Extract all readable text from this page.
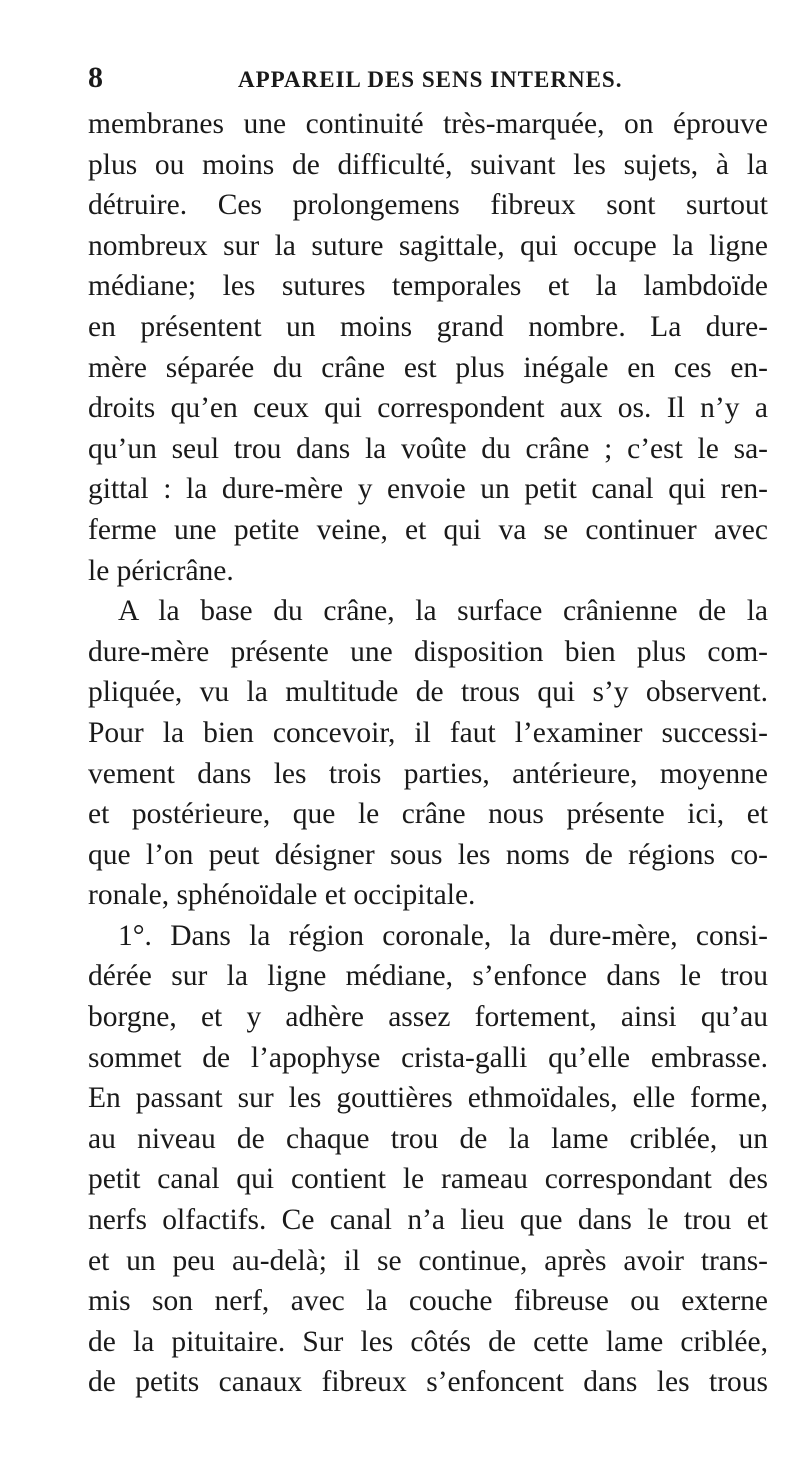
8	APPAREIL DES SENS INTERNES.
membranes une continuité très-marquée, on éprouve
plus ou moins de difficulté, suivant les sujets, à la
détruire. Ces prolongemens fibreux sont surtout
nombreux sur la suture sagittale, qui occupe la ligne
médiane; les sutures temporales et la lambdoïde
en présentent un moins grand nombre. La dure-
mère séparée du crâne est plus inégale en ces en-
droits qu’en ceux qui correspondent aux os. Il n’y a
qu’un seul trou dans la voûte du crâne ; c’est le sa-
gittal : la dure-mère y envoie un petit canal qui ren-
ferme une petite veine, et qui va se continuer avec
le péricrâne.
A la base du crâne, la surface crânienne de la
dure-mère présente une disposition bien plus com-
pliquée, vu la multitude de trous qui s’y observent.
Pour la bien concevoir, il faut l’examiner successi-
vement dans les trois parties, antérieure, moyenne
et postérieure, que le crâne nous présente ici, et
que l’on peut désigner sous les noms de régions co-
ronale, sphénoïdale et occipitale.
1°. Dans la région coronale, la dure-mère, consi-
dérée sur la ligne médiane, s’enfonce dans le trou
borgne, et y adhère assez fortement, ainsi qu’au
sommet de l’apophyse crista-galli qu’elle embrasse.
En passant sur les gouttières ethmoïdales, elle forme,
au niveau de chaque trou de la lame criblée, un
petit canal qui contient le rameau correspondant des
nerfs olfactifs. Ce canal n’a lieu que dans le trou et
et un peu au-delà; il se continue, après avoir trans-
mis son nerf, avec la couche fibreuse ou externe
de la pituitaire. Sur les côtés de cette lame criblée,
de petits canaux fibreux s’enfoncent dans les trous
